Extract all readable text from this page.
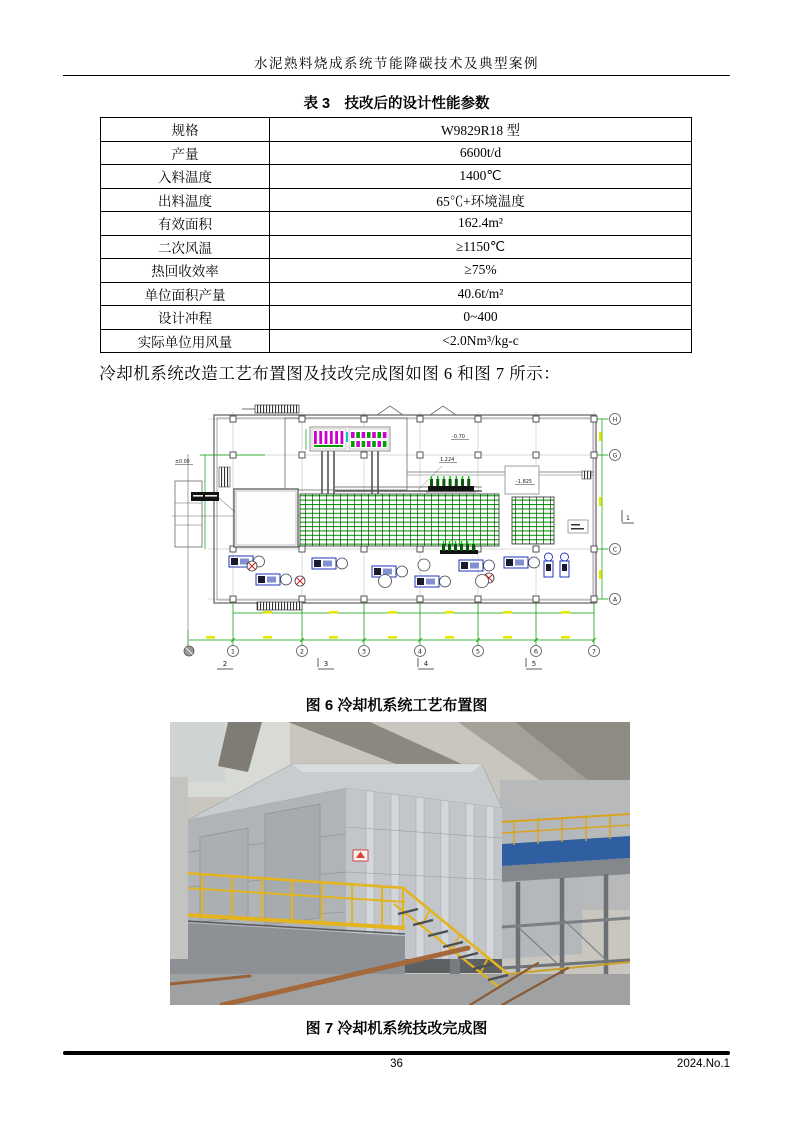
水泥熟料烧成系统节能降碳技术及典型案例
表 3　技改后的设计性能参数
规格	W9829R18 型
产量	6600t/d
入料温度	1400℃
出料温度	65℃+环境温度
有效面积	162.4m²
二次风温	≥1150℃
热回收效率	≥75%
单位面积产量	40.6t/m²
设计冲程	0~400
实际单位用风量	<2.0Nm³/kg-c
冷却机系统改造工艺布置图及技改完成图如图 6 和图 7 所示：
1	2	3	4	5	6	7
H
G
C
A
2	3	4	5
±0.00
-0.70
1.224
-1.825
1
图 6 冷却机系统工艺布置图
图 7 冷却机系统技改完成图
36	2024.No.1
